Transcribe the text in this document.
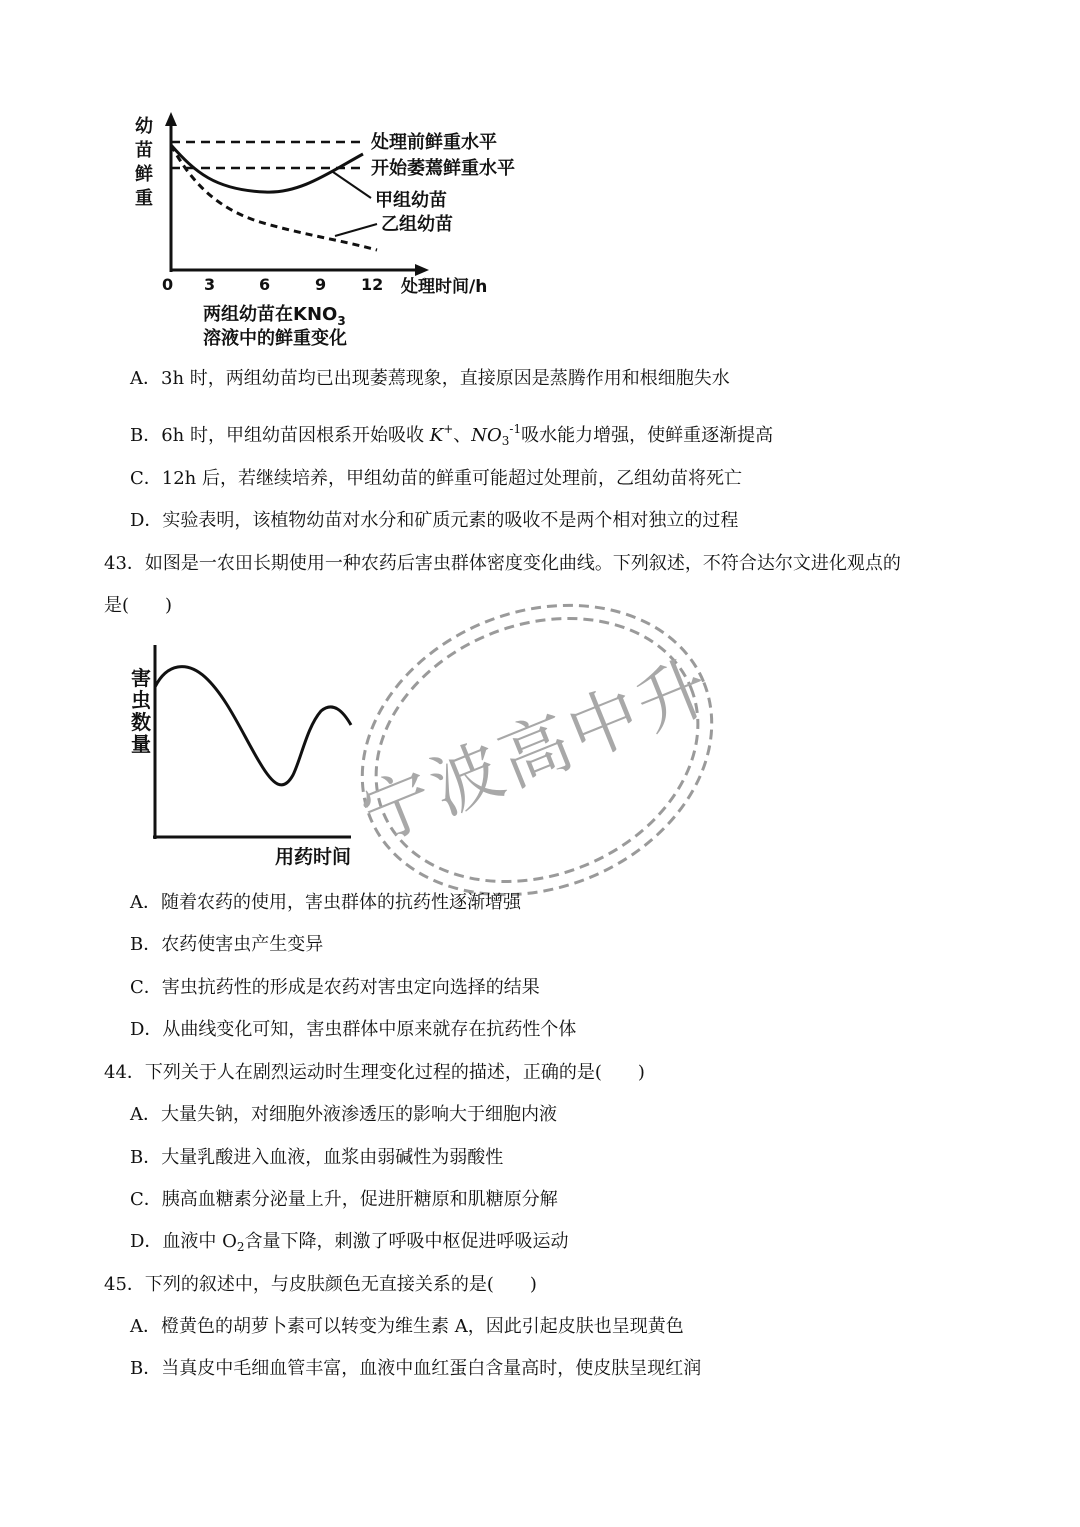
幼
苗
鲜
重
处理前鲜重水平
开始萎蔫鲜重水平
甲组幼苗
乙组幼苗
0 3	6	9 12 处理时间/h
两组幼苗在$KNO_3$
溶液中的鲜重变化
A．3h 时，两组幼苗均已出现萎蔫现象，直接原因是蒸腾作用和根细胞失水
B．6h 时，甲组幼苗因根系开始吸收 K+、$NO_3^{-1}$吸水能力增强，使鲜重逐渐提高
C．12h 后，若继续培养，甲组幼苗的鲜重可能超过处理前，乙组幼苗将死亡
D．实验表明，该植物幼苗对水分和矿质元素的吸收不是两个相对独立的过程
43．如图是一农田长期使用一种农药后害虫群体密度变化曲线。下列叙述，不符合达尔文进化观点的
是(　　)
害
虫
数
量
用药时间 宁波高中升
A．随着农药的使用，害虫群体的抗药性逐渐增强
B．农药使害虫产生变异
C．害虫抗药性的形成是农药对害虫定向选择的结果
D．从曲线变化可知，害虫群体中原来就存在抗药性个体
44．下列关于人在剧烈运动时生理变化过程的描述，正确的是(　　)
A．大量失钠，对细胞外液渗透压的影响大于细胞内液
B．大量乳酸进入血液，血浆由弱碱性为弱酸性
C．胰高血糖素分泌量上升，促进肝糖原和肌糖原分解
D．血液中 $O_2$含量下降，刺激了呼吸中枢促进呼吸运动
45．下列的叙述中，与皮肤颜色无直接关系的是(　　)
A．橙黄色的胡萝卜素可以转变为维生素 A，因此引起皮肤也呈现黄色
B．当真皮中毛细血管丰富，血液中血红蛋白含量高时，使皮肤呈现红润
